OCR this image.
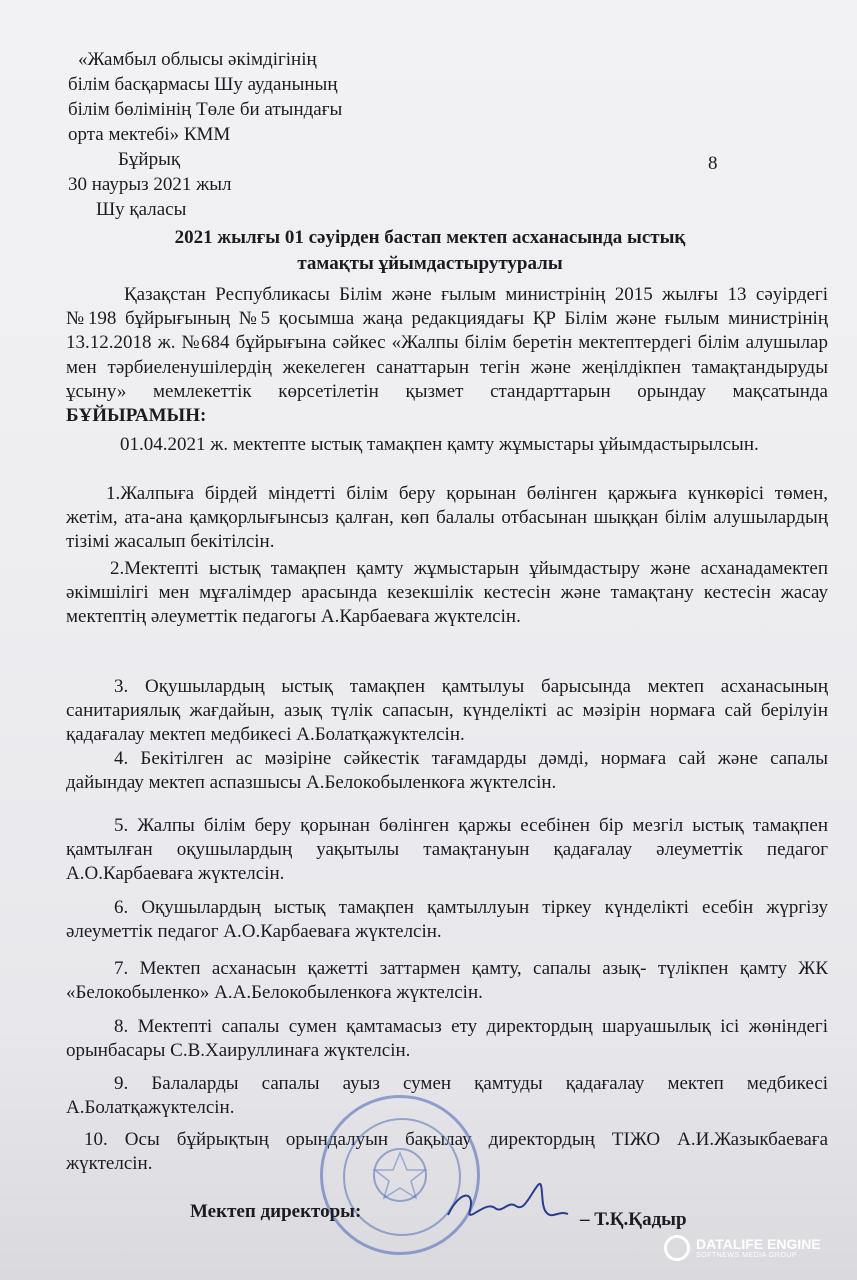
«Жамбыл облысы әкімдігінің
білім басқармасы Шу ауданының
білім бөлімінің Төле би атындағы
орта мектебі» КММ
Бұйрық	8
30 наурыз 2021 жыл
Шу қаласы
2021 жылғы 01 сәуірден бастап мектеп асханасында ыстық
тамақты ұйымдастырутуралы
Қазақстан Республикасы Білім және ғылым министрінің 2015 жылғы 13 сәуірдегі №198 бұйрығының №5 қосымша жаңа редакциядағы ҚР Білім және ғылым министрінің 13.12.2018 ж. №684 бұйрығына сәйкес «Жалпы білім беретін мектептердегі білім алушылар мен тәрбиеленушілердің жекелеген санаттарын тегін және жеңілдікпен тамақтандыруды ұсыну» мемлекеттік көрсетілетін қызмет стандарттарын орындау мақсатында БҰЙЫРАМЫН:
01.04.2021 ж. мектепте ыстық тамақпен қамту жұмыстары ұйымдастырылсын.
1.Жалпыға бірдей міндетті білім беру қорынан бөлінген қаржыға күнкөрісі төмен, жетім, ата-ана қамқорлығынсыз қалған, көп балалы отбасынан шыққан білім алушылардың тізімі жасалып бекітілсін.
2.Мектепті ыстық тамақпен қамту жұмыстарын ұйымдастыру және асханадамектеп әкімшілігі мен мұғалімдер арасында кезекшілік кестесін және тамақтану кестесін жасау мектептің әлеуметтік педагогы А.Карбаеваға жүктелсін.
3. Оқушылардың ыстық тамақпен қамтылуы барысында мектеп асханасының санитариялық жағдайын, азық түлік сапасын, күнделікті ас мәзірін нормаға сай берілуін қадағалау мектеп медбикесі А.Болатқажүктелсін.
4. Бекітілген ас мәзіріне сәйкестік тағамдарды дәмді, нормаға сай және сапалы дайындау мектеп аспазшысы А.Белокобыленкоға жүктелсін.
5. Жалпы білім беру қорынан бөлінген қаржы есебінен бір мезгіл ыстық тамақпен қамтылған оқушылардың уақытылы тамақтануын қадағалау әлеуметтік педагог А.О.Карбаеваға жүктелсін.
6. Оқушылардың ыстық тамақпен қамтыллуын тіркеу күнделікті есебін жүргізу әлеуметтік педагог А.О.Карбаеваға жүктелсін.
7. Мектеп асханасын қажетті заттармен қамту, сапалы азық- түлікпен қамту ЖК «Белокобыленко» А.А.Белокобыленкоға жүктелсін.
8. Мектепті сапалы сумен қамтамасыз ету директордың шаруашылық ісі жөніндегі орынбасары С.В.Хаируллинаға жүктелсін.
9. Балаларды сапалы ауыз сумен қамтуды қадағалау мектеп медбикесі А.Болатқажүктелсін.
10. Осы бұйрықтың орындалуын бақылау директордың ТІЖО А.И.Жазыкбаеваға жүктелсін.
Мектеп директоры:	– Т.Қ.Қадыр
DATALIFE ENGINE
SOFTNEWS MEDIA GROUP
